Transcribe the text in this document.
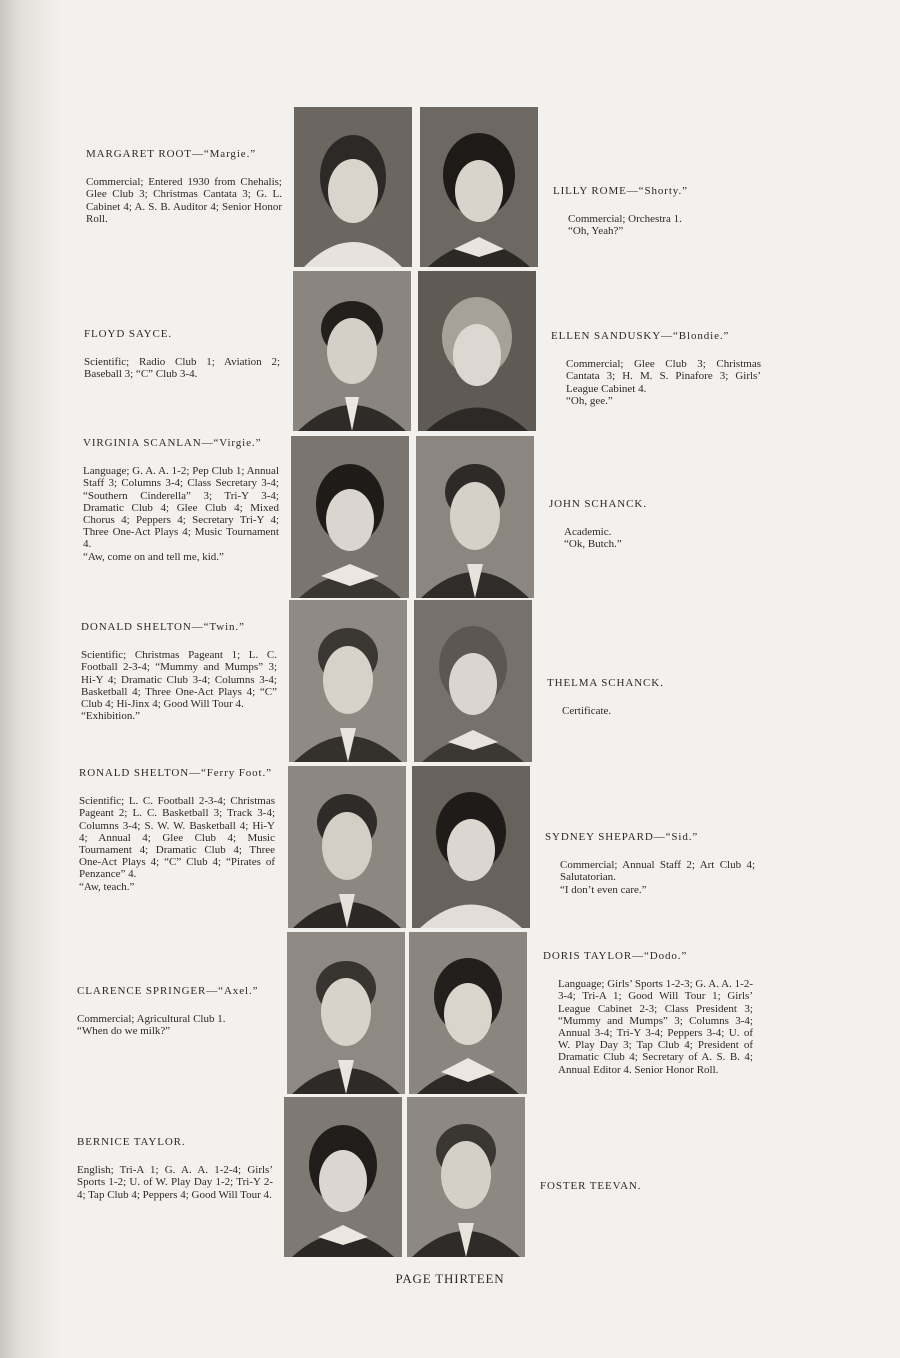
MARGARET ROOT—“Margie.”
Commercial; Entered 1930 from Chehalis; Glee Club 3; Christmas Cantata 3; G. L. Cabinet 4; A. S. B. Auditor 4; Senior Honor Roll.
FLOYD SAYCE.
Scientific; Radio Club 1; Aviation 2; Baseball 3; “C” Club 3-4.
VIRGINIA SCANLAN—“Virgie.”
Language; G. A. A. 1-2; Pep Club 1; Annual Staff 3; Columns 3-4; Class Secretary 3-4; “Southern Cinderella” 3; Tri-Y 3-4; Dramatic Club 4; Glee Club 4; Mixed Chorus 4; Peppers 4; Secretary Tri-Y 4; Three One-Act Plays 4; Music Tournament 4.
“Aw, come on and tell me, kid.”
DONALD SHELTON—“Twin.”
Scientific; Christmas Pageant 1; L. C. Football 2-3-4; “Mummy and Mumps” 3; Hi-Y 4; Dramatic Club 3-4; Columns 3-4; Basketball 4; Three One-Act Plays 4; “C” Club 4; Hi-Jinx 4; Good Will Tour 4.
“Exhibition.”
RONALD SHELTON—“Ferry Foot.”
Scientific; L. C. Football 2-3-4; Christmas Pageant 2; L. C. Basketball 3; Track 3-4; Columns 3-4; S. W. W. Basketball 4; Hi-Y 4; Annual 4; Glee Club 4; Music Tournament 4; Dramatic Club 4; Three One-Act Plays 4; “C” Club 4; “Pirates of Penzance” 4.
“Aw, teach.”
CLARENCE SPRINGER—“Axel.”
Commercial; Agricultural Club 1.
“When do we milk?”
BERNICE TAYLOR.
English; Tri-A 1; G. A. A. 1-2-4; Girls’ Sports 1-2; U. of W. Play Day 1-2; Tri-Y 2-4; Tap Club 4; Peppers 4; Good Will Tour 4.
LILLY ROME—“Shorty.”
Commercial; Orchestra 1.
“Oh, Yeah?”
ELLEN SANDUSKY—“Blondie.”
Commercial; Glee Club 3; Christmas Cantata 3; H. M. S. Pinafore 3; Girls’ League Cabinet 4.
“Oh, gee.”
JOHN SCHANCK.
Academic.
“Ok, Butch.”
THELMA SCHANCK.
Certificate.
SYDNEY SHEPARD—“Sid.”
Commercial; Annual Staff 2; Art Club 4; Salutatorian.
“I don’t even care.”
DORIS TAYLOR—“Dodo.”
Language; Girls’ Sports 1-2-3; G. A. A. 1-2-3-4; Tri-A 1; Good Will Tour 1; Girls’ League Cabinet 2-3; Class President 3; “Mummy and Mumps” 3; Columns 3-4; Annual 3-4; Tri-Y 3-4; Peppers 3-4; U. of W. Play Day 3; Tap Club 4; President of Dramatic Club 4; Secretary of A. S. B. 4; Annual Editor 4. Senior Honor Roll.
FOSTER TEEVAN.
PAGE THIRTEEN
